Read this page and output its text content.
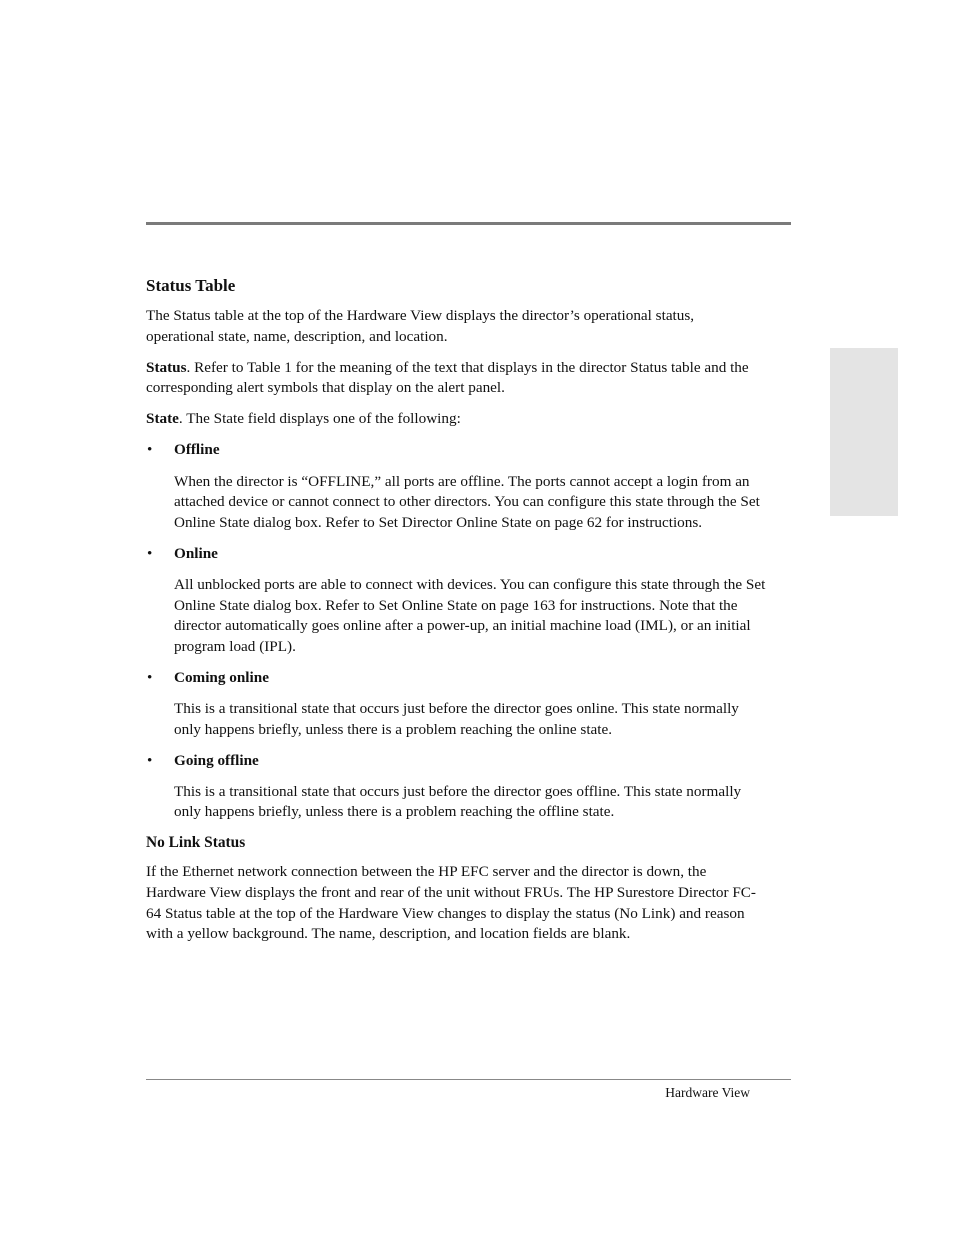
Status Table

The Status table at the top of the Hardware View displays the director’s operational status, operational state, name, description, and location.

Status. Refer to Table 1 for the meaning of the text that displays in the director Status table and the corresponding alert symbols that display on the alert panel.

State. The State field displays one of the following:

• Offline

When the director is “OFFLINE,” all ports are offline. The ports cannot accept a login from an attached device or cannot connect to other directors. You can configure this state through the Set Online State dialog box. Refer to Set Director Online State on page 62 for instructions.

• Online

All unblocked ports are able to connect with devices. You can configure this state through the Set Online State dialog box. Refer to Set Online State on page 163 for instructions. Note that the director automatically goes online after a power-up, an initial machine load (IML), or an initial program load (IPL).

• Coming online

This is a transitional state that occurs just before the director goes online. This state normally only happens briefly, unless there is a problem reaching the online state.

• Going offline

This is a transitional state that occurs just before the director goes offline. This state normally only happens briefly, unless there is a problem reaching the offline state.

No Link Status

If the Ethernet network connection between the HP EFC server and the director is down, the Hardware View displays the front and rear of the unit without FRUs. The HP Surestore Director FC-64 Status table at the top of the Hardware View changes to display the status (No Link) and reason with a yellow background. The name, description, and location fields are blank.

Hardware View
